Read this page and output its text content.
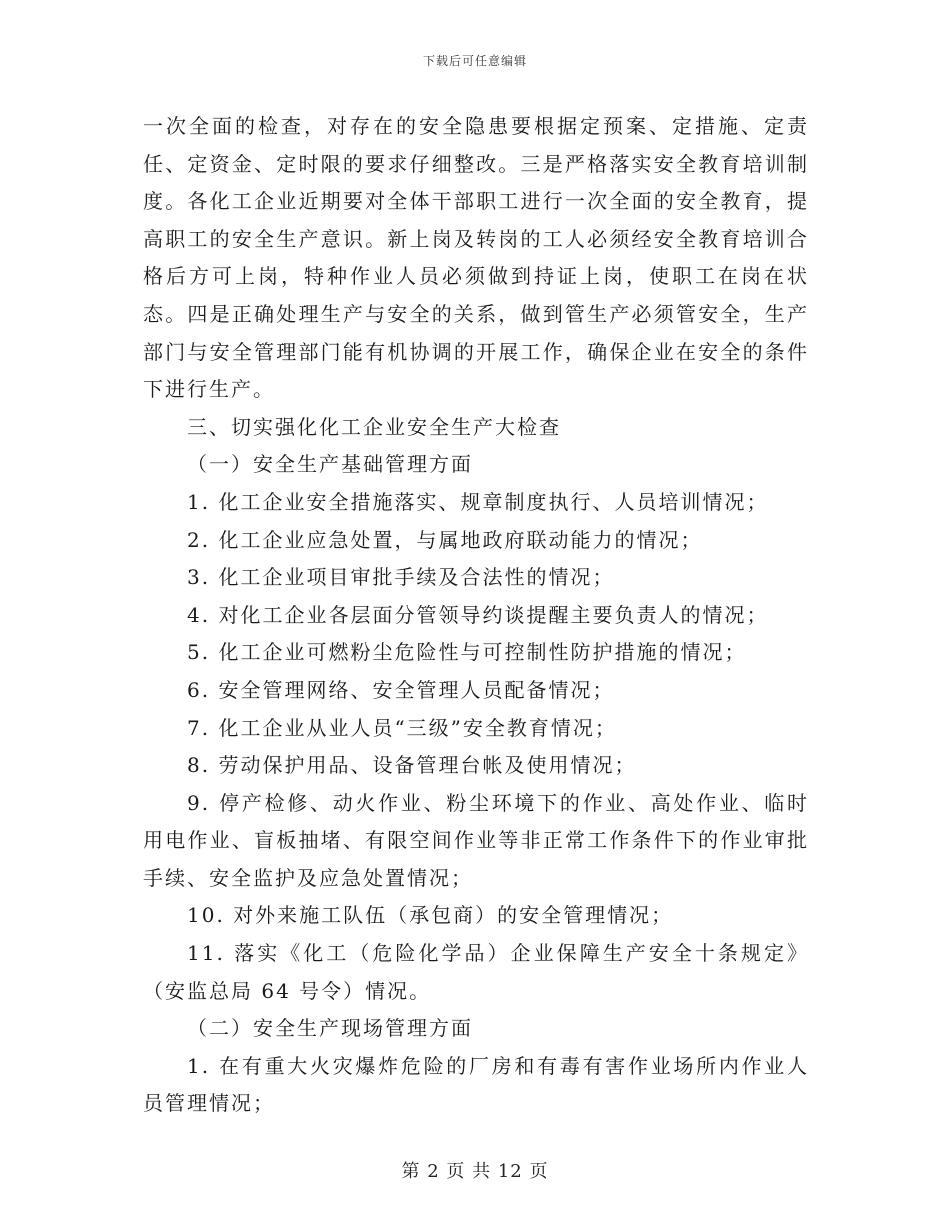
下载后可任意编辑

一次全面的检查，对存在的安全隐患要根据定预案、定措施、定责任、定资金、定时限的要求仔细整改。三是严格落实安全教育培训制度。各化工企业近期要对全体干部职工进行一次全面的安全教育，提高职工的安全生产意识。新上岗及转岗的工人必须经安全教育培训合格后方可上岗，特种作业人员必须做到持证上岗，使职工在岗在状态。四是正确处理生产与安全的关系，做到管生产必须管安全，生产部门与安全管理部门能有机协调的开展工作，确保企业在安全的条件下进行生产。

三、切实强化化工企业安全生产大检查

（一）安全生产基础管理方面

1. 化工企业安全措施落实、规章制度执行、人员培训情况；

2. 化工企业应急处置，与属地政府联动能力的情况；

3. 化工企业项目审批手续及合法性的情况；

4. 对化工企业各层面分管领导约谈提醒主要负责人的情况；

5. 化工企业可燃粉尘危险性与可控制性防护措施的情况；

6. 安全管理网络、安全管理人员配备情况；

7. 化工企业从业人员“三级”安全教育情况；

8. 劳动保护用品、设备管理台帐及使用情况；

9. 停产检修、动火作业、粉尘环境下的作业、高处作业、临时用电作业、盲板抽堵、有限空间作业等非正常工作条件下的作业审批手续、安全监护及应急处置情况；

10. 对外来施工队伍（承包商）的安全管理情况；

11. 落实《化工（危险化学品）企业保障生产安全十条规定》（安监总局 64 号令）情况。

（二）安全生产现场管理方面

1. 在有重大火灾爆炸危险的厂房和有毒有害作业场所内作业人员管理情况；

第 2 页 共 12 页
